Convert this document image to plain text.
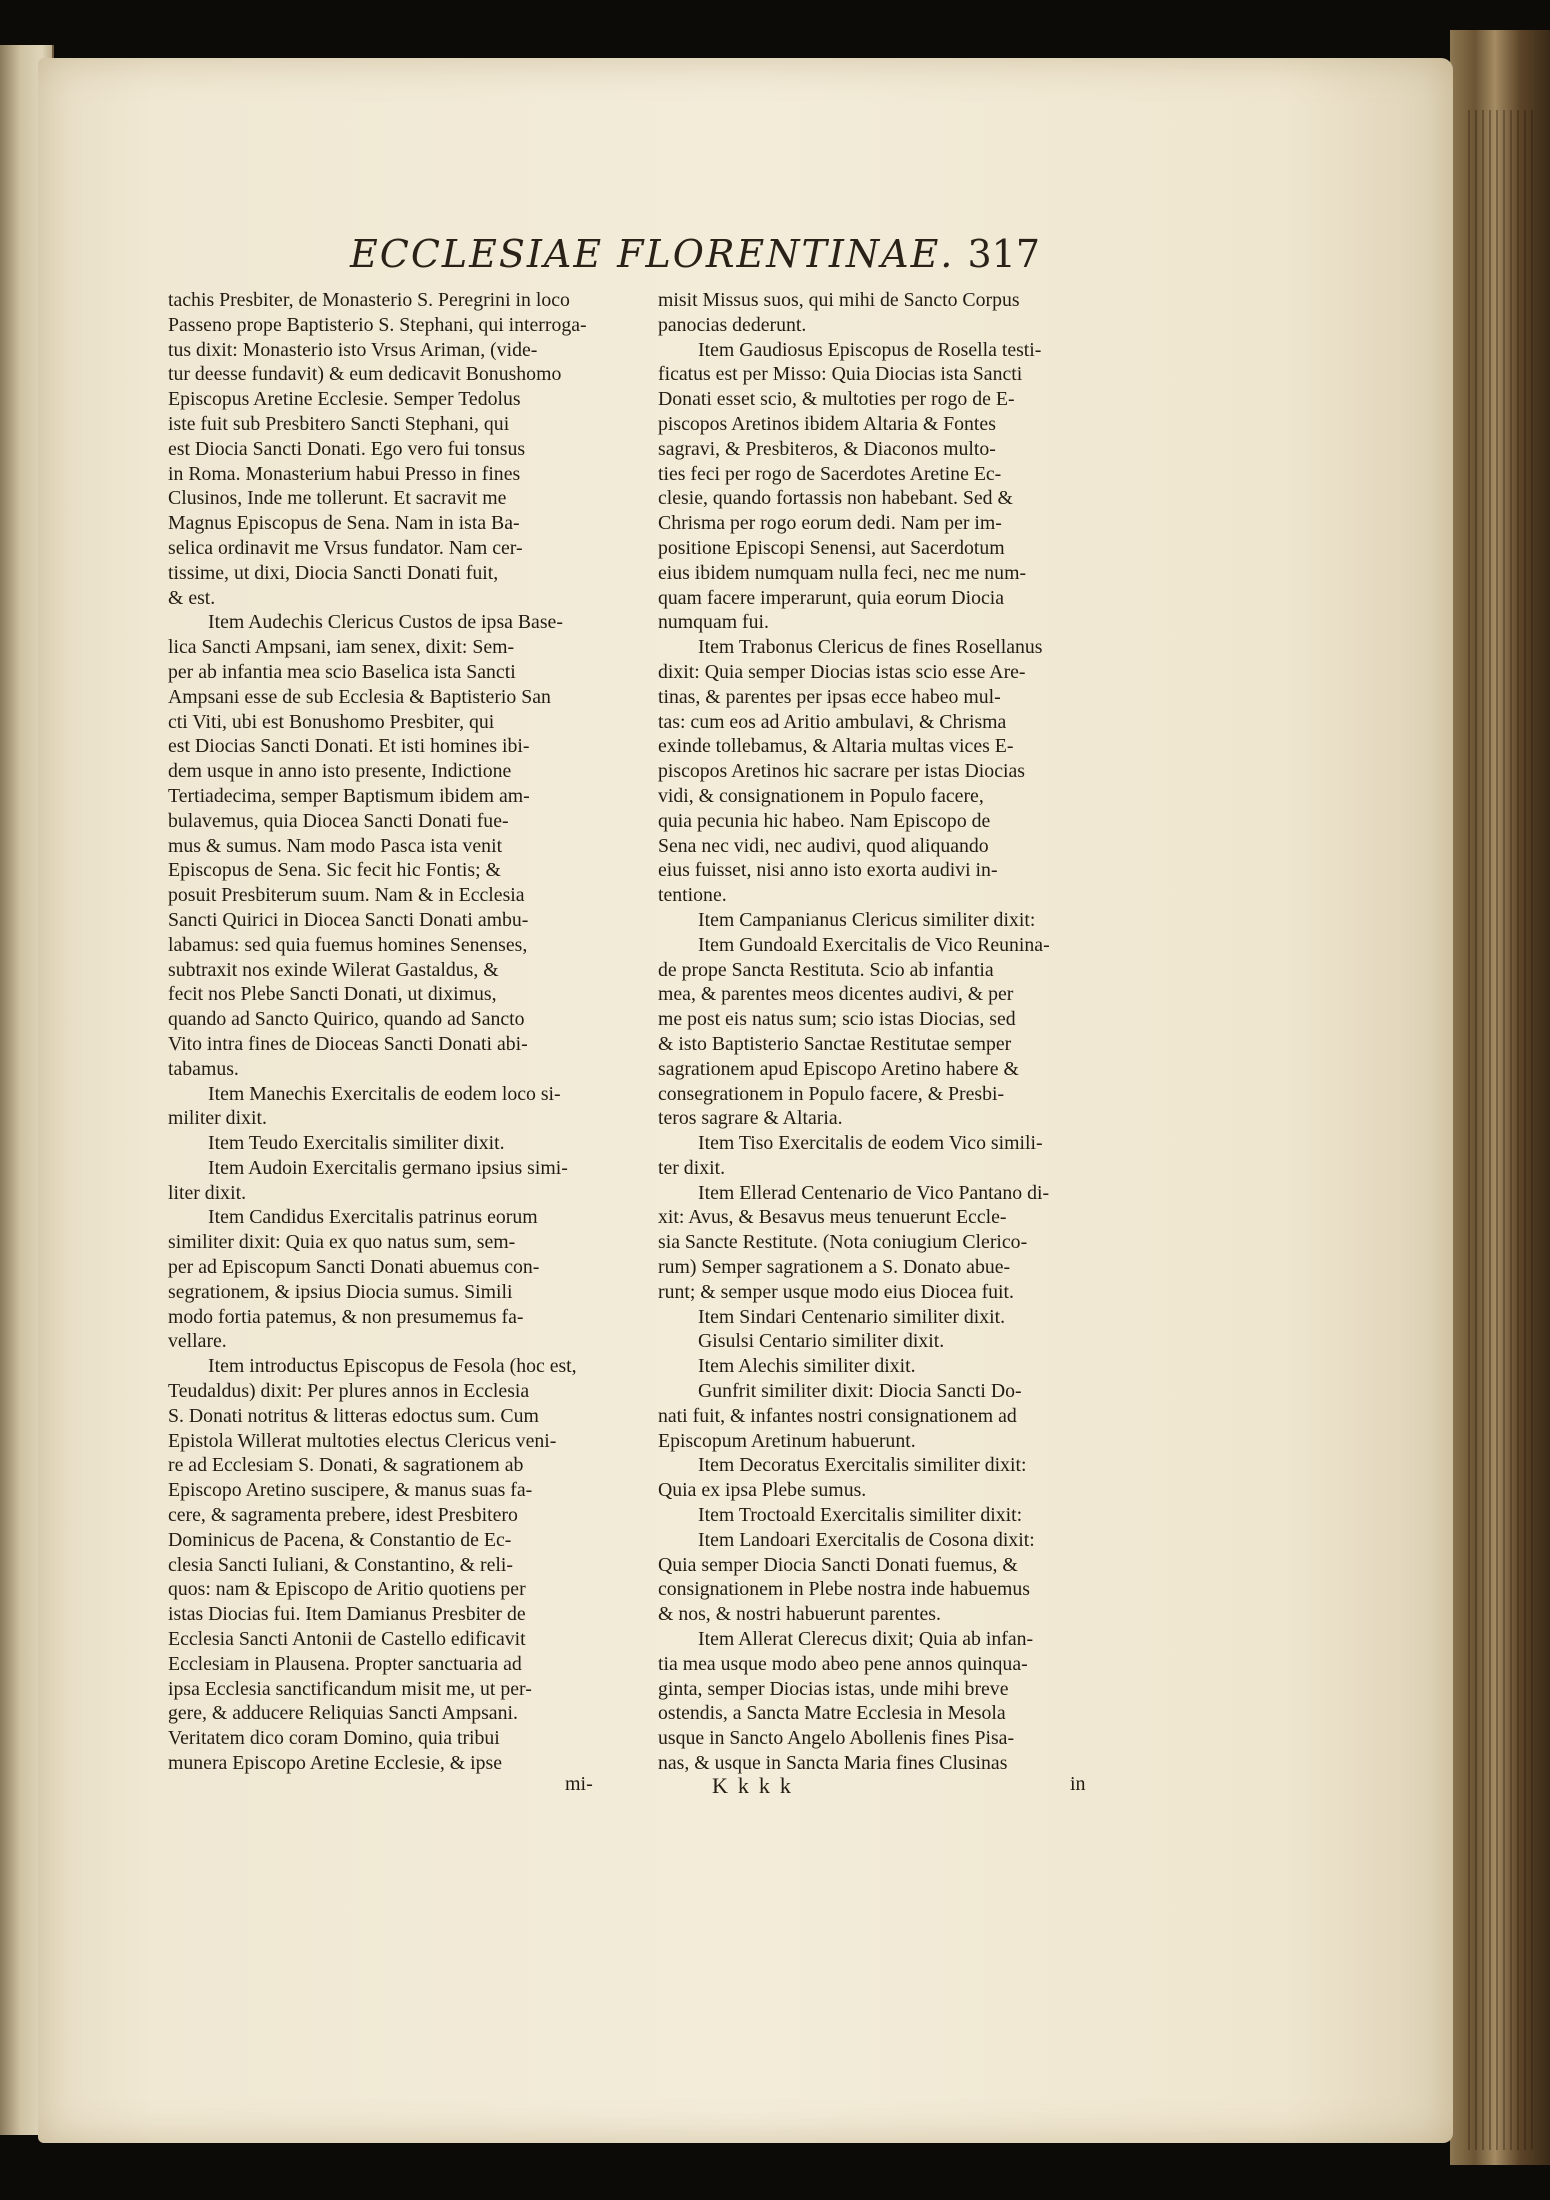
ECCLESIAE FLORENTINAE. 317
tachis Presbiter, de Monasterio S. Peregrini in loco
Passeno prope Baptisterio S. Stephani, qui interroga-
tus dixit: Monasterio isto Vrsus Ariman, (vide-
tur deesse fundavit) & eum dedicavit Bonushomo
Episcopus Aretine Ecclesie. Semper Tedolus
iste fuit sub Presbitero Sancti Stephani, qui
est Diocia Sancti Donati. Ego vero fui tonsus
in Roma. Monasterium habui Presso in fines
Clusinos, Inde me tollerunt. Et sacravit me
Magnus Episcopus de Sena. Nam in ista Ba-
selica ordinavit me Vrsus fundator. Nam cer-
tissime, ut dixi, Diocia Sancti Donati fuit,
& est.
Item Audechis Clericus Custos de ipsa Base-
lica Sancti Ampsani, iam senex, dixit: Sem-
per ab infantia mea scio Baselica ista Sancti
Ampsani esse de sub Ecclesia & Baptisterio San
cti Viti, ubi est Bonushomo Presbiter, qui
est Diocias Sancti Donati. Et isti homines ibi-
dem usque in anno isto presente, Indictione
Tertiadecima, semper Baptismum ibidem am-
bulavemus, quia Diocea Sancti Donati fue-
mus & sumus. Nam modo Pasca ista venit
Episcopus de Sena. Sic fecit hic Fontis; &
posuit Presbiterum suum. Nam & in Ecclesia
Sancti Quirici in Diocea Sancti Donati ambu-
labamus: sed quia fuemus homines Senenses,
subtraxit nos exinde Wilerat Gastaldus, &
fecit nos Plebe Sancti Donati, ut diximus,
quando ad Sancto Quirico, quando ad Sancto
Vito intra fines de Dioceas Sancti Donati abi-
tabamus.
Item Manechis Exercitalis de eodem loco si-
militer dixit.
Item Teudo Exercitalis similiter dixit.
Item Audoin Exercitalis germano ipsius simi-
liter dixit.
Item Candidus Exercitalis patrinus eorum
similiter dixit: Quia ex quo natus sum, sem-
per ad Episcopum Sancti Donati abuemus con-
segrationem, & ipsius Diocia sumus. Simili
modo fortia patemus, & non presumemus fa-
vellare.
Item introductus Episcopus de Fesola (hoc est,
Teudaldus) dixit: Per plures annos in Ecclesia
S. Donati notritus & litteras edoctus sum. Cum
Epistola Willerat multoties electus Clericus veni-
re ad Ecclesiam S. Donati, & sagrationem ab
Episcopo Aretino suscipere, & manus suas fa-
cere, & sagramenta prebere, idest Presbitero
Dominicus de Pacena, & Constantio de Ec-
clesia Sancti Iuliani, & Constantino, & reli-
quos: nam & Episcopo de Aritio quotiens per
istas Diocias fui. Item Damianus Presbiter de
Ecclesia Sancti Antonii de Castello edificavit
Ecclesiam in Plausena. Propter sanctuaria ad
ipsa Ecclesia sanctificandum misit me, ut per-
gere, & adducere Reliquias Sancti Ampsani.
Veritatem dico coram Domino, quia tribui
munera Episcopo Aretine Ecclesie, & ipse
misit Missus suos, qui mihi de Sancto Corpus
panocias dederunt.
Item Gaudiosus Episcopus de Rosella testi-
ficatus est per Misso: Quia Diocias ista Sancti
Donati esset scio, & multoties per rogo de E-
piscopos Aretinos ibidem Altaria & Fontes
sagravi, & Presbiteros, & Diaconos multo-
ties feci per rogo de Sacerdotes Aretine Ec-
clesie, quando fortassis non habebant. Sed &
Chrisma per rogo eorum dedi. Nam per im-
positione Episcopi Senensi, aut Sacerdotum
eius ibidem numquam nulla feci, nec me num-
quam facere imperarunt, quia eorum Diocia
numquam fui.
Item Trabonus Clericus de fines Rosellanus
dixit: Quia semper Diocias istas scio esse Are-
tinas, & parentes per ipsas ecce habeo mul-
tas: cum eos ad Aritio ambulavi, & Chrisma
exinde tollebamus, & Altaria multas vices E-
piscopos Aretinos hic sacrare per istas Diocias
vidi, & consignationem in Populo facere,
quia pecunia hic habeo. Nam Episcopo de
Sena nec vidi, nec audivi, quod aliquando
eius fuisset, nisi anno isto exorta audivi in-
tentione.
Item Campanianus Clericus similiter dixit:
Item Gundoald Exercitalis de Vico Reunina-
de prope Sancta Restituta. Scio ab infantia
mea, & parentes meos dicentes audivi, & per
me post eis natus sum; scio istas Diocias, sed
& isto Baptisterio Sanctae Restitutae semper
sagrationem apud Episcopo Aretino habere &
consegrationem in Populo facere, & Presbi-
teros sagrare & Altaria.
Item Tiso Exercitalis de eodem Vico simili-
ter dixit.
Item Ellerad Centenario de Vico Pantano di-
xit: Avus, & Besavus meus tenuerunt Eccle-
sia Sancte Restitute. (Nota coniugium Clerico-
rum) Semper sagrationem a S. Donato abue-
runt; & semper usque modo eius Diocea fuit.
Item Sindari Centenario similiter dixit.
Gisulsi Centario similiter dixit.
Item Alechis similiter dixit.
Gunfrit similiter dixit: Diocia Sancti Do-
nati fuit, & infantes nostri consignationem ad
Episcopum Aretinum habuerunt.
Item Decoratus Exercitalis similiter dixit:
Quia ex ipsa Plebe sumus.
Item Troctoald Exercitalis similiter dixit:
Item Landoari Exercitalis de Cosona dixit:
Quia semper Diocia Sancti Donati fuemus, &
consignationem in Plebe nostra inde habuemus
& nos, & nostri habuerunt parentes.
Item Allerat Clerecus dixit; Quia ab infan-
tia mea usque modo abeo pene annos quinqua-
ginta, semper Diocias istas, unde mihi breve
ostendis, a Sancta Matre Ecclesia in Mesola
usque in Sancto Angelo Abollenis fines Pisa-
nas, & usque in Sancta Maria fines Clusinas
mi-	Kkkk	in
